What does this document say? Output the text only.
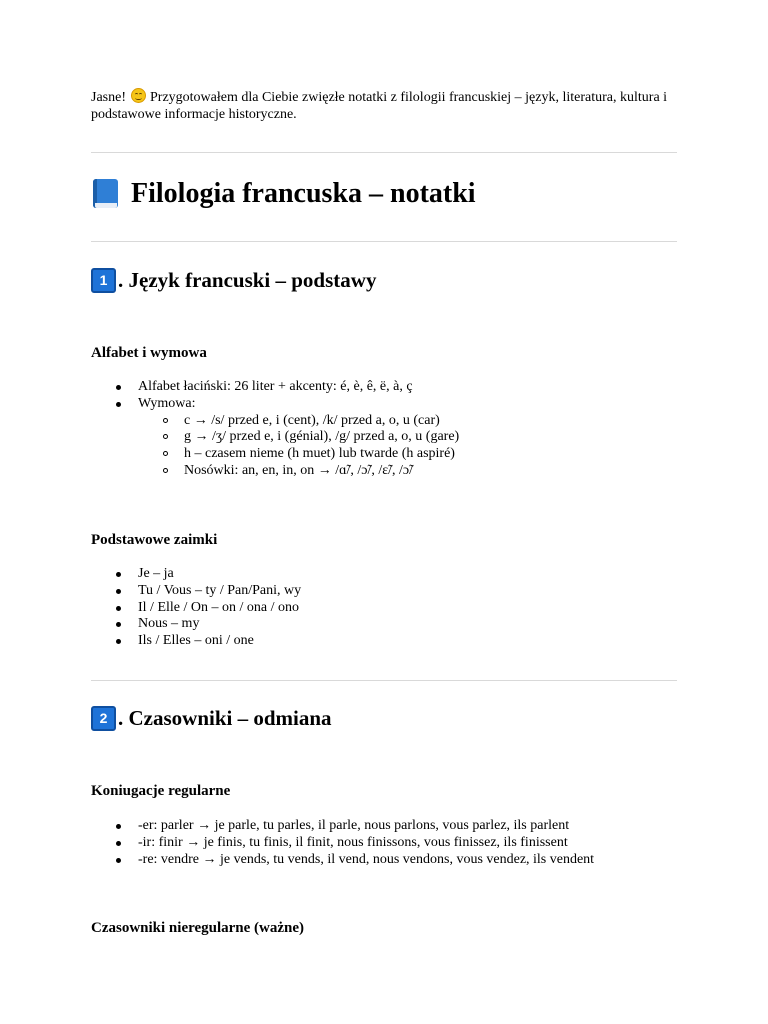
Jasne!
Przygotowałem dla Ciebie zwięzłe notatki z filologii francuskiej – język, literatura, kultura i podstawowe informacje historyczne.
Filologia francuska – notatki
1 . Język francuski – podstawy
Alfabet i wymowa
Alfabet łaciński: 26 liter + akcenty: é, è, ê, ë, à, ç
Wymowa:
c → /s/ przed e, i (cent), /k/ przed a, o, u (car)
g → /ʒ/ przed e, i (génial), /g/ przed a, o, u (gare)
h – czasem nieme (h muet) lub twarde (h aspiré)
Nosówki: an, en, in, on → /ɑ̃/, /ɔ̃/, /ɛ̃/, /ɔ̃/
Podstawowe zaimki
Je – ja
Tu / Vous – ty / Pan/Pani, wy
Il / Elle / On – on / ona / ono
Nous – my
Ils / Elles – oni / one
2 . Czasowniki – odmiana
Koniugacje regularne
-er: parler → je parle, tu parles, il parle, nous parlons, vous parlez, ils parlent
-ir: finir → je finis, tu finis, il finit, nous finissons, vous finissez, ils finissent
-re: vendre → je vends, tu vends, il vend, nous vendons, vous vendez, ils vendent
Czasowniki nieregularne (ważne)
